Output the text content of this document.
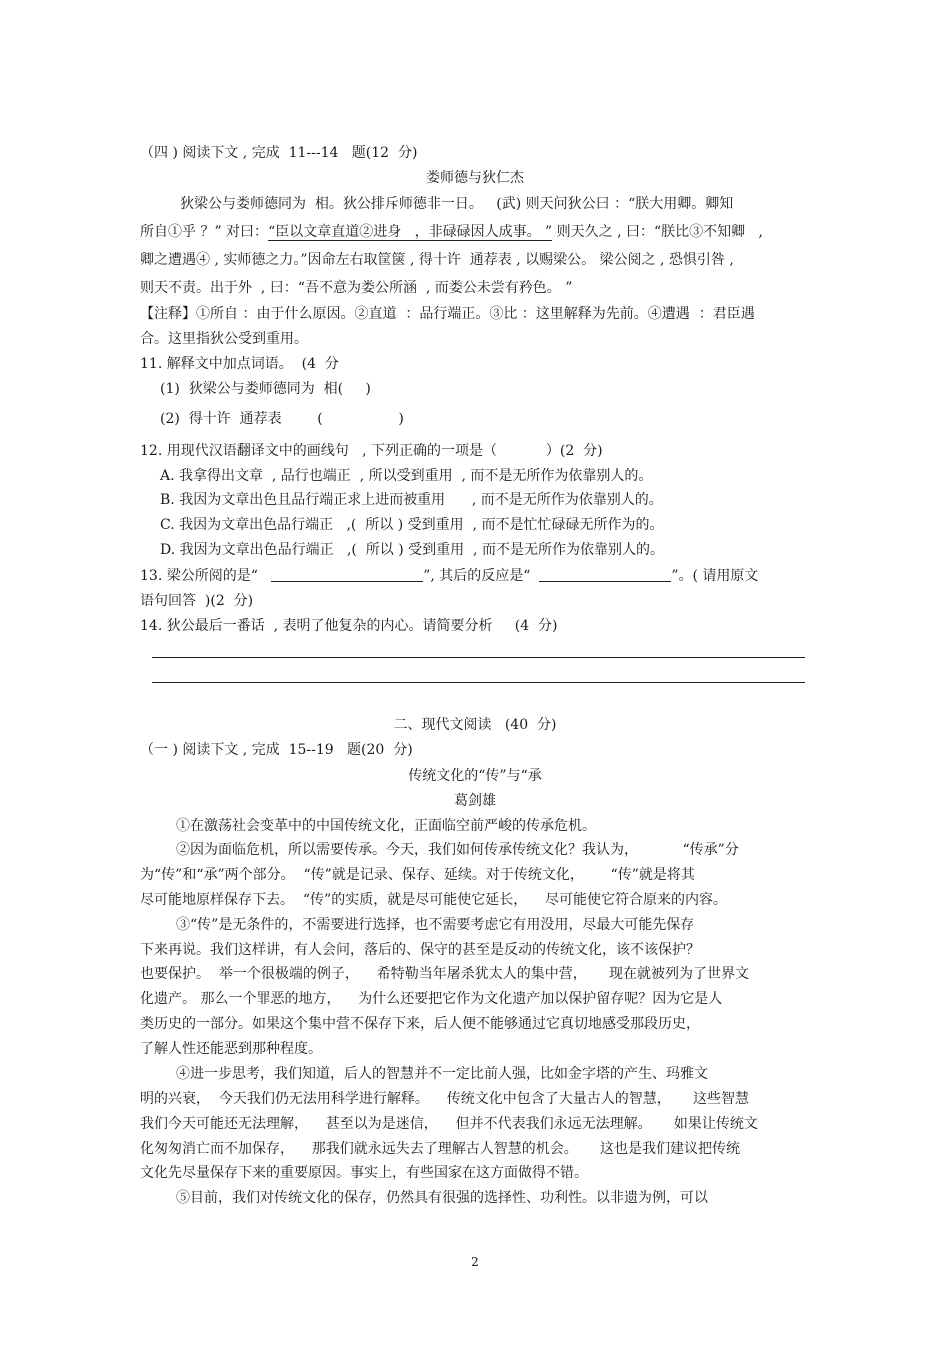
（四 ) 阅读下文 , 完成  11---14   题(12  分)
娄师德与狄仁杰
狄梁公与娄师德同为  相。狄公排斥师德非一日。   (武) 则天问狄公曰 ：“朕大用卿。卿知
所自①乎 ？” 对曰：“臣以文章直道②进身   ，非碌碌因人成事。 ” 则天久之 , 曰：“朕比③不知卿   ,
卿之遭遇④ , 实师德之力。”因命左右取筐箧 , 得十许  通荐表 , 以赐梁公。 梁公阅之 , 恐惧引咎 ,
则天不责。出于外  , 曰：“吾不意为娄公所涵  , 而娄公未尝有矜色。 ”
【注释】①所自 ：由于什么原因。②直道  ：品行端正。③比 ：这里解释为先前。④遭遇  ：君臣遇
合。这里指狄公受到重用。
11. 解释文中加点词语。  (4  分
(1)  狄梁公与娄师德同为  相(     )
(2)  得十许  通荐表        (                 )
12. 用现代汉语翻译文中的画线句   , 下列正确的一项是（           ）(2  分)
A. 我拿得出文章  , 品行也端正  , 所以受到重用  , 而不是无所作为依靠别人的。
B. 我因为文章出色且品行端正求上进而被重用      , 而不是无所作为依靠别人的。
C. 我因为文章出色品行端正   ,(  所以 ) 受到重用  , 而不是忙忙碌碌无所作为的。
D. 我因为文章出色品行端正   ,(  所以 ) 受到重用  , 而不是无所作为依靠别人的。
13. 梁公所阅的是“	”, 其后的反应是“	”。( 请用原文
语句回答  )(2  分)
14. 狄公最后一番话  , 表明了他复杂的内心。请简要分析     (4  分)
二、现代文阅读   (40  分)
（一 ) 阅读下文 , 完成  15--19   题(20  分)
传统文化的“传”与“承
葛剑雄
①在激荡社会变革中的中国传统文化，正面临空前严峻的传承危机。
②因为面临危机，所以需要传承。今天，我们如何传承传统文化？我认为，          “传承”分
为“传”和“承”两个部分。  “传”就是记录、保存、延续。对于传统文化，      “传”就是将其
尽可能地原样保存下去。  “传”的实质，就是尽可能使它延长，    尽可能使它符合原来的内容。
③“传”是无条件的，不需要进行选择，也不需要考虑它有用没用，尽最大可能先保存
下来再说。我们这样讲，有人会问，落后的、保守的甚至是反动的传统文化，该不该保护？
也要保护。  举一个很极端的例子，    希特勒当年屠杀犹太人的集中营，     现在就被列为了世界文
化遗产。 那么一个罪恶的地方，    为什么还要把它作为文化遗产加以保护留存呢？因为它是人
类历史的一部分。如果这个集中营不保存下来，后人便不能够通过它真切地感受那段历史，
了解人性还能恶到那种程度。
④进一步思考，我们知道，后人的智慧并不一定比前人强，比如金字塔的产生、玛雅文
明的兴衰，  今天我们仍无法用科学进行解释。    传统文化中包含了大量古人的智慧，     这些智慧
我们今天可能还无法理解，    甚至以为是迷信，    但并不代表我们永远无法理解。     如果让传统文
化匆匆消亡而不加保存，    那我们就永远失去了理解古人智慧的机会。     这也是我们建议把传统
文化先尽量保存下来的重要原因。事实上，有些国家在这方面做得不错。
⑤目前，我们对传统文化的保存，仍然具有很强的选择性、功利性。以非遗为例，可以
2
